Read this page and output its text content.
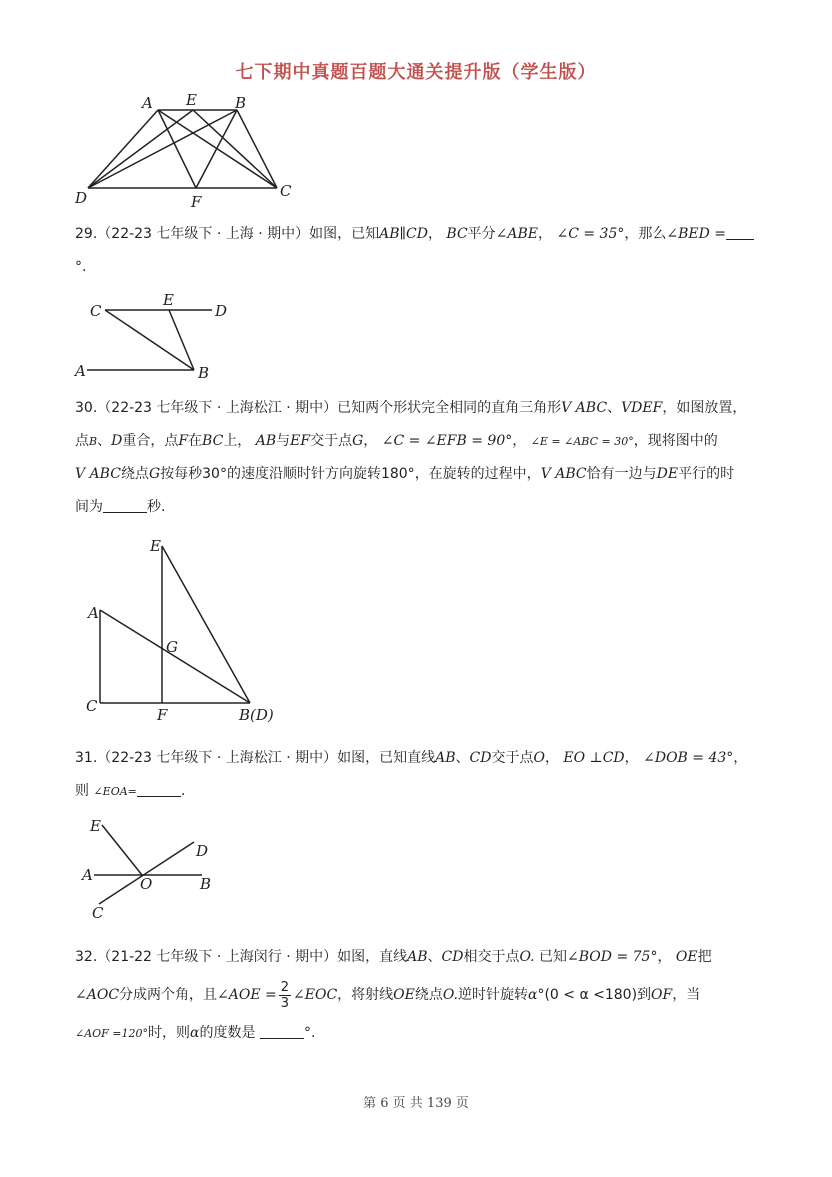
七下期中真题百题大通关提升版（学生版）
A E	B
D	F
C
29.（22-23 七年级下 · 上海 · 期中）如图，已知AB∥CD， BC平分∠ABE， ∠C = 35°，那么∠BED =
°.
C
E
D
A	B
30.（22-23 七年级下 · 上海松江 · 期中）已知两个形状完全相同的直角三角形V ABC、VDEF，如图放置，
点B、D重合，点F在BC上， AB与EF交于点G， ∠C = ∠EFB = 90°， ∠E = ∠ABC = 30°，现将图中的
V ABC绕点G按每秒30°的速度沿顺时针方向旋转180°，在旋转的过程中，V ABC恰有一边与DE平行的时
间为	秒.
E
A
G
C	F	B(D)
31.（22-23 七年级下 · 上海松江 · 期中）如图，已知直线AB、CD交于点O， EO ⊥CD， ∠DOB = 43°，
则 ∠EOA=	.
E
D
A	O	B
C
32.（21-22 七年级下 · 上海闵行 · 期中）如图，直线AB、CD相交于点O. 已知∠BOD = 75°， OE把
∠AOC分成两个角，且∠AOE = $\frac{2}{3}$ ∠EOC，将射线OE绕点O.逆时针旋转α°(0 < α <180)到OF，当
∠AOF =120°时，则α的度数是	°.
第 6 页 共 139 页
